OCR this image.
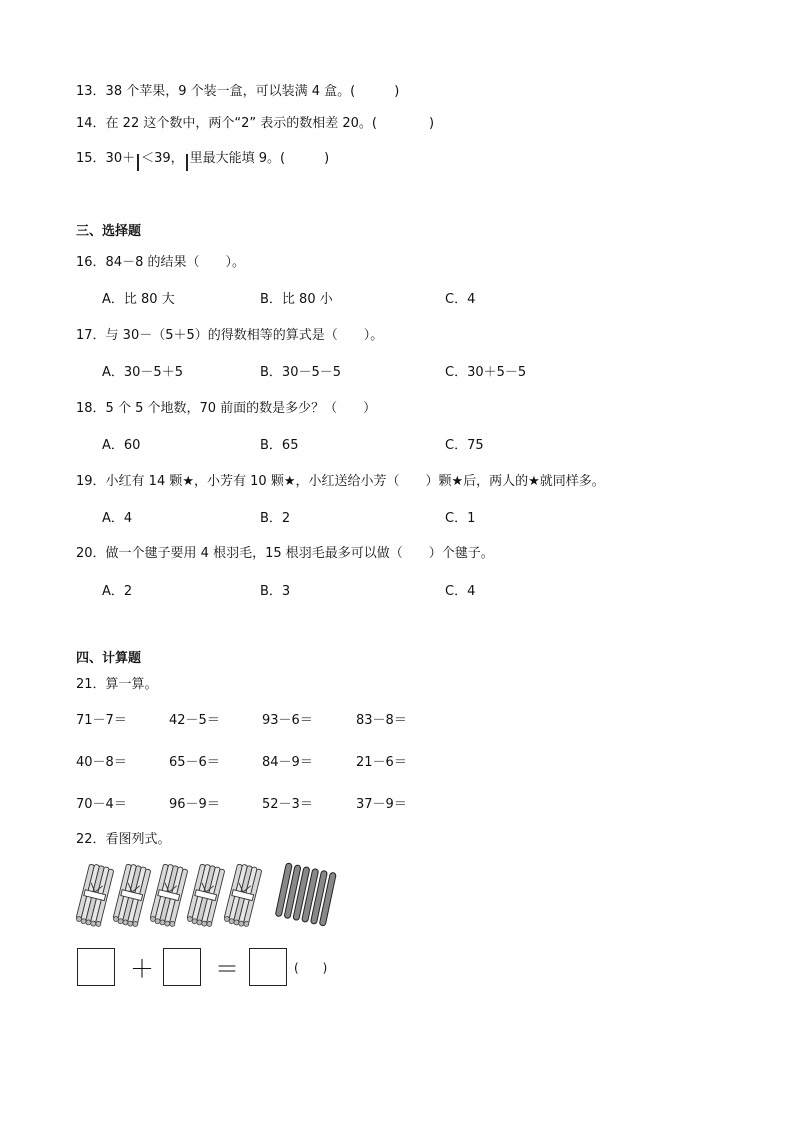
13．38 个苹果，9 个装一盒，可以装满 4 盒。(　　　)
14．在 22 这个数中，两个“2” 表示的数相差 20。(　　　　)
15．30＋ ＜39， 里最大能填 9。(　　　)
三、选择题
16．84－8 的结果（　　）。
A．比 80 大	B．比 80 小	C．4
17．与 30－（5＋5）的得数相等的算式是（　　）。
A．30－5＋5	B．30－5－5	C．30＋5－5
18．5 个 5 个地数，70 前面的数是多少？（　　）
A．60	B．65	C．75
19．小红有 14 颗★，小芳有 10 颗★，小红送给小芳（　　）颗★后，两人的★就同样多。
A．4	B．2	C．1
20．做一个毽子要用 4 根羽毛，15 根羽毛最多可以做（　　）个毽子。
A．2	B．3	C．4
四、计算题
21．算一算。
71－7＝	42－5＝	93－6＝	83－8＝
40－8＝	65－6＝	84－9＝	21－6＝
70－4＝	96－9＝	52－3＝	37－9＝
22．看图列式。
＋	＝	(　　)
